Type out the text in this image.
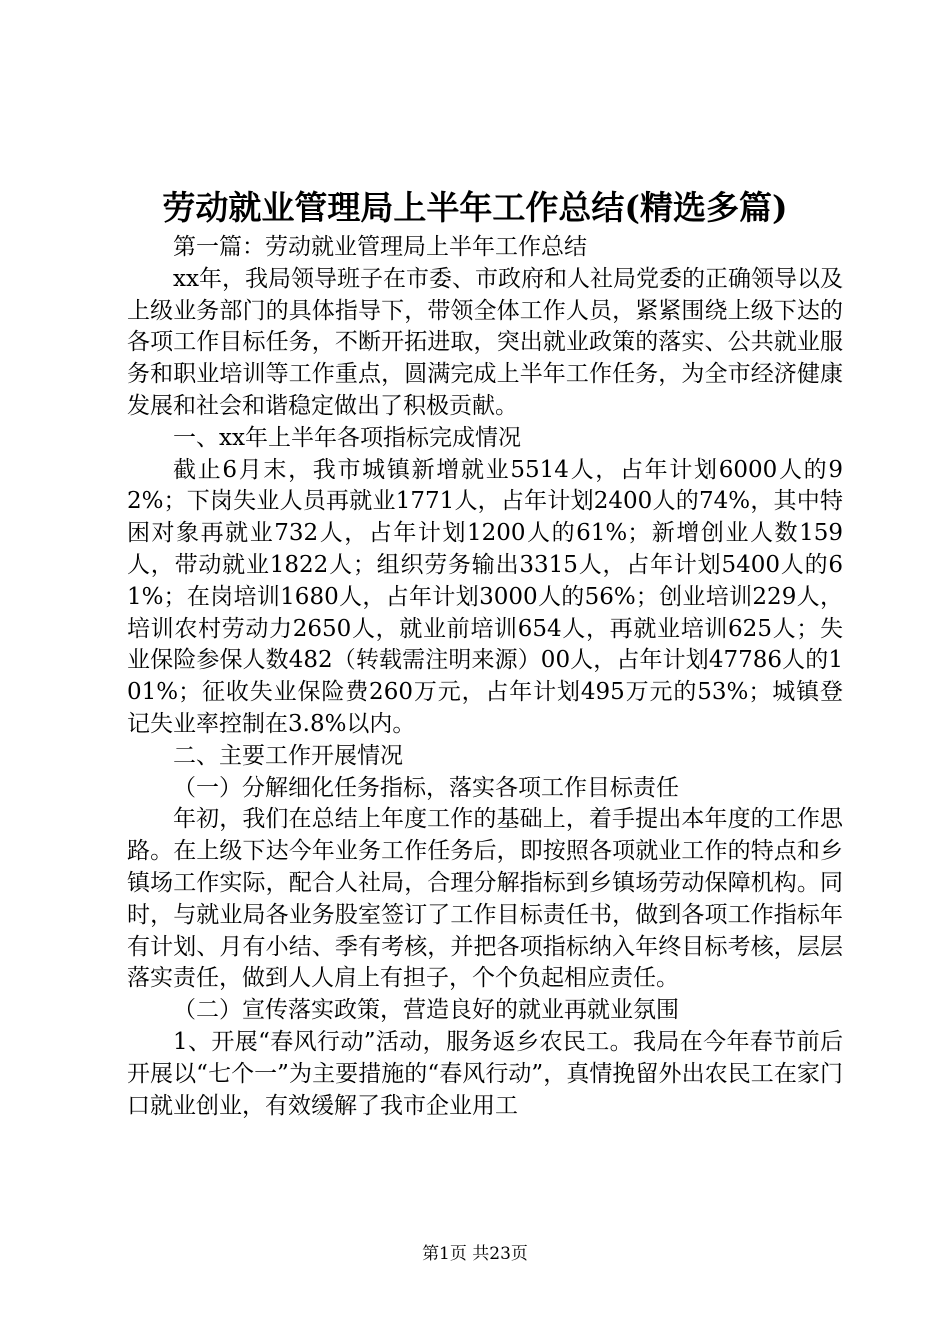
劳动就业管理局上半年工作总结(精选多篇)

第一篇：劳动就业管理局上半年工作总结

xx年，我局领导班子在市委、市政府和人社局党委的正确领导以及上级业务部门的具体指导下，带领全体工作人员，紧紧围绕上级下达的各项工作目标任务，不断开拓进取，突出就业政策的落实、公共就业服务和职业培训等工作重点，圆满完成上半年工作任务，为全市经济健康发展和社会和谐稳定做出了积极贡献。

一、xx年上半年各项指标完成情况

截止6月末，我市城镇新增就业5514人，占年计划6000人的92%；下岗失业人员再就业1771人，占年计划2400人的74%，其中特困对象再就业732人，占年计划1200人的61%；新增创业人数159人，带动就业1822人；组织劳务输出3315人，占年计划5400人的61%；在岗培训1680人，占年计划3000人的56%；创业培训229人，培训农村劳动力2650人，就业前培训654人，再就业培训625人；失业保险参保人数482（转载需注明来源）00人，占年计划47786人的101%；征收失业保险费260万元，占年计划495万元的53%；城镇登记失业率控制在3.8%以内。

二、主要工作开展情况

（一）分解细化任务指标，落实各项工作目标责任

年初，我们在总结上年度工作的基础上，着手提出本年度的工作思路。在上级下达今年业务工作任务后，即按照各项就业工作的特点和乡镇场工作实际，配合人社局，合理分解指标到乡镇场劳动保障机构。同时，与就业局各业务股室签订了工作目标责任书，做到各项工作指标年有计划、月有小结、季有考核，并把各项指标纳入年终目标考核，层层落实责任，做到人人肩上有担子，个个负起相应责任。

（二）宣传落实政策，营造良好的就业再就业氛围

1、开展“春风行动”活动，服务返乡农民工。我局在今年春节前后开展以“七个一”为主要措施的“春风行动”，真情挽留外出农民工在家门口就业创业，有效缓解了我市企业用工

第1页 共23页
